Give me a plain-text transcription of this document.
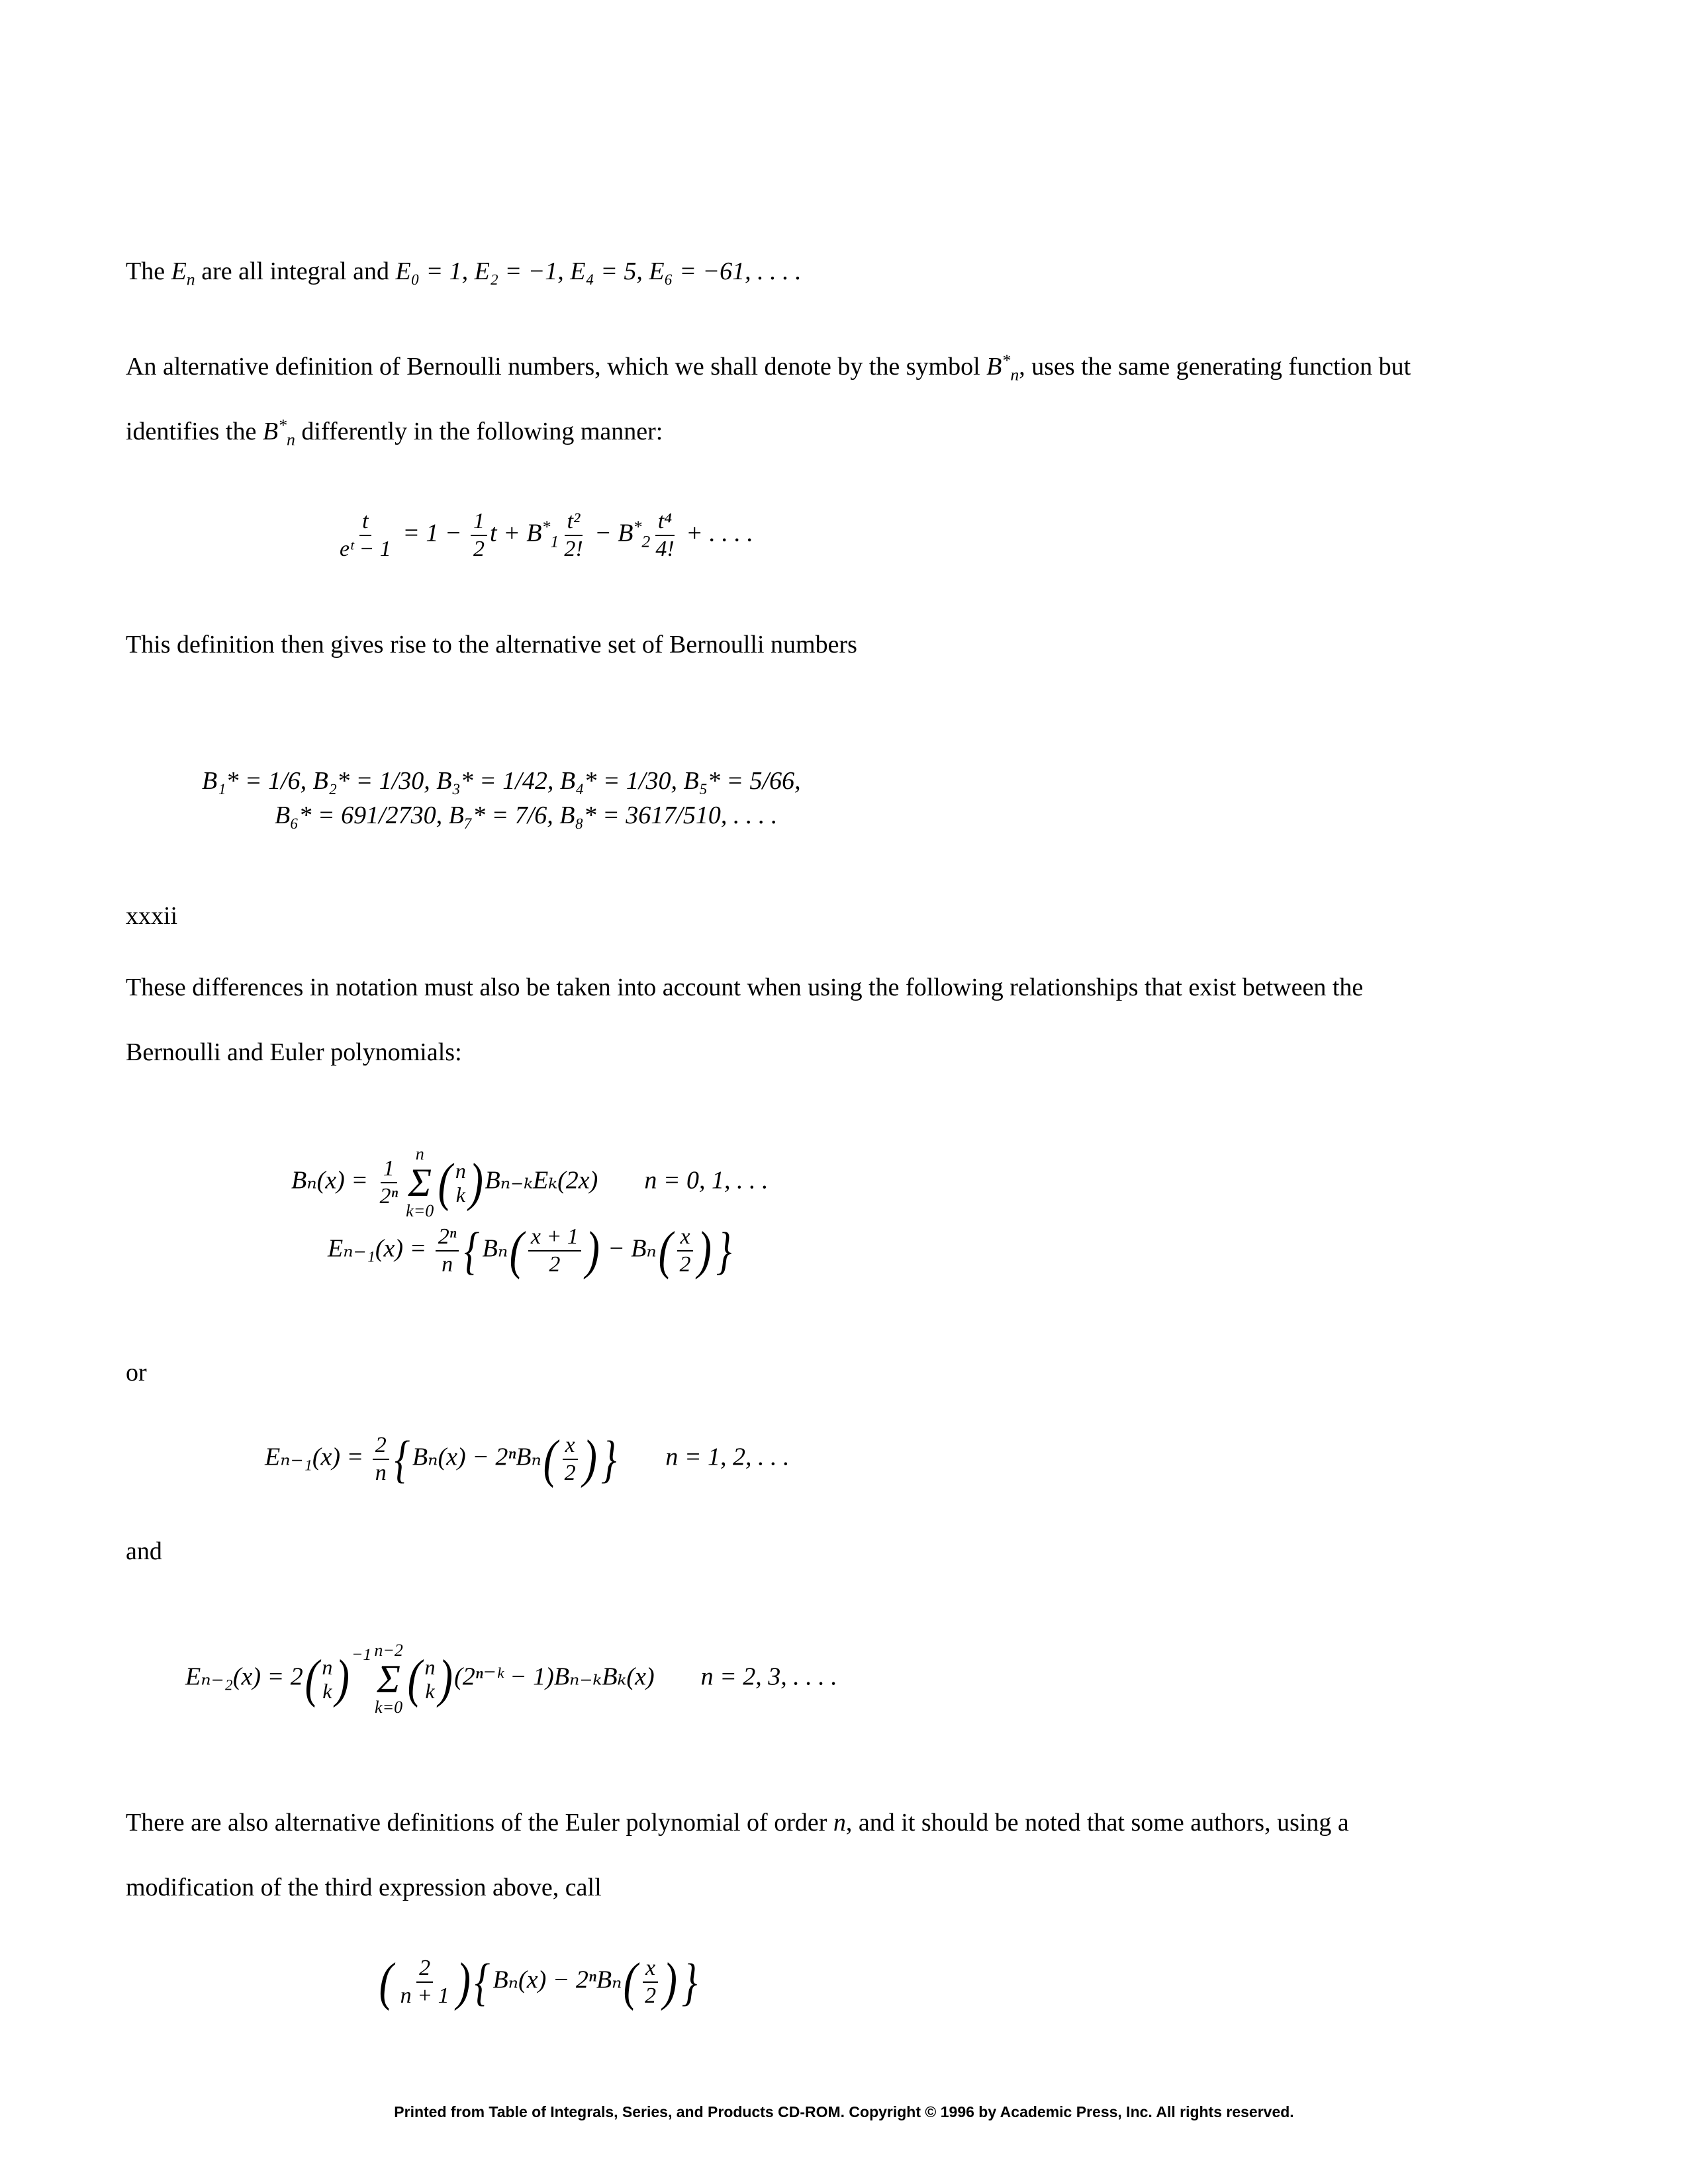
The $E_n$ are all integral and E₀ = 1, E₂ = −1, E₄ = 5, E₆ = −61, . . . .
An alternative definition of Bernoulli numbers, which we shall denote by the symbol $B^*_n$, uses the same generating function but
identifies the $B^*_n$ differently in the following manner:
$\frac{t}{\text{eᵗ − 1}} = 1 - \frac{1}{2}$ $t + B^*_1 \frac{\text{t²}}{2!} - B^*_2 \frac{\text{t⁴}}{4!}$ + . . . .
This definition then gives rise to the alternative set of Bernoulli numbers
B₁* = 1/6, B₂* = 1/30, B₃* = 1/42, B₄* = 1/30, B₅* = 5/66,
B₆* = 691/2730, B₇* = 7/6, B₈* = 3617/510, . . . .
xxxii
These differences in notation must also be taken into account when using the following relationships that exist between the
Bernoulli and Euler polynomials:
$B_n(x) = \frac{1}{\text{2ⁿ}}$
n
Σ
k=0 ( n
k )Bₙ₋ₖEₖ(2x) n = 0, 1, . . .
$E_{n-1}(x) = \frac{\text{2ⁿ}}{n}$ { $B_n( \frac{x + 1}{2}$ ) − $B_n( \frac{x}{2}$ )}
or
$E_{n-1}(x) = \frac{2}{n}$ { $B_n(x) - 2^nB_n( \frac{x}{2}$ )} n = 1, 2, . . .
and
Eₙ₋₂(x) = 2( n
k ) $^{-1}$ n−2
Σ
k=0 ( n
k )(2ⁿ⁻ᵏ − 1)Bₙ₋ₖBₖ(x) n = 2, 3, . . . .
There are also alternative definitions of the Euler polynomial of order n, and it should be noted that some authors, using a
modification of the third expression above, call
( $\frac{2}{n + 1}$ ){ $B_n(x) - 2^nB_n( \frac{x}{2}$ )}
Printed from Table of Integrals, Series, and Products CD-ROM. Copyright © 1996 by Academic Press, Inc. All rights reserved.
